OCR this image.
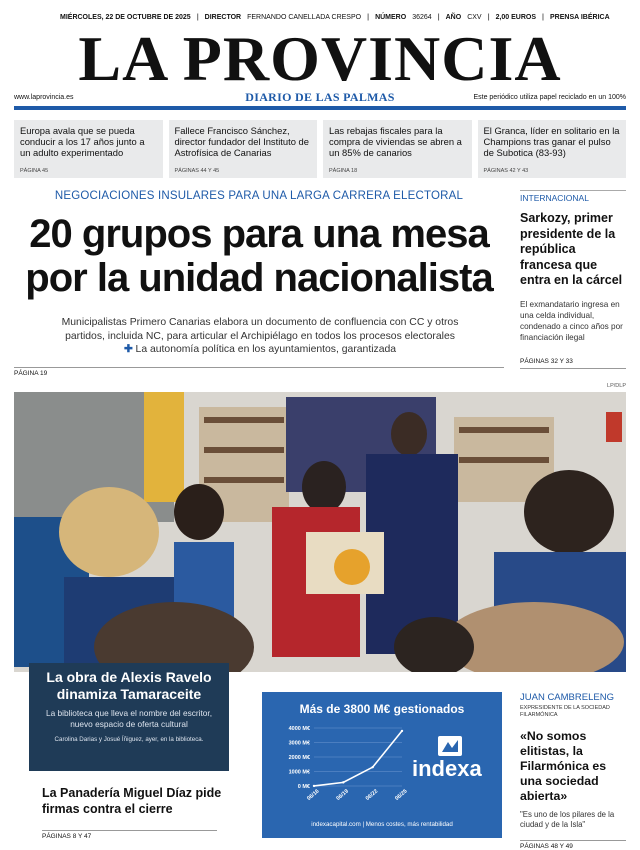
MIÉRCOLES, 22 DE OCTUBRE DE 2025 | DIRECTOR FERNANDO CANELLADA CRESPO | NÚMERO 36264 | AÑO CXV | 2,00 EUROS | PRENSA IBÉRICA
LA PROVINCIA
www.laprovincia.es	DIARIO DE LAS PALMAS	Este periódico utiliza papel reciclado en un 100%
Europa avala que se pueda conducir a los 17 años junto a un adulto experimentado
PÁGINA 45
Fallece Francisco Sánchez, director fundador del Instituto de Astrofísica de Canarias
PÁGINAS 44 Y 45
Las rebajas fiscales para la compra de viviendas se abren a un 85% de canarios
PÁGINA 18
El Granca, líder en solitario en la Champions tras ganar el pulso de Subotica (83-93)
PÁGINAS 42 Y 43
NEGOCIACIONES INSULARES PARA UNA LARGA CARRERA ELECTORAL
20 grupos para una mesa por la unidad nacionalista
Municipalistas Primero Canarias elabora un documento de confluencia con CC y otros partidos, incluida NC, para articular el Archipiélago en todos los procesos electorales ✚ La autonomía política en los ayuntamientos, garantizada
PÁGINA 19
INTERNACIONAL
Sarkozy, primer presidente de la república francesa que entra en la cárcel
El exmandatario ingresa en una celda individual, condenado a cinco años por financiación ilegal
PÁGINAS 32 Y 33
LP/DLP
La obra de Alexis Ravelo dinamiza Tamaraceite
La biblioteca que lleva el nombre del escritor, nuevo espacio de oferta cultural
Carolina Darias y Josué Íñiguez, ayer, en la biblioteca.
La Panadería Miguel Díaz pide firmas contra el cierre
PÁGINAS 8 Y 47
Más de 3800 M€ gestionados
0 M€
1000 M€
2000 M€
3000 M€
4000 M€
06/16	06/19	06/22	06/25
indexa
indexacapital.com | Menos costes, más rentabilidad
JUAN CAMBRELENG
EXPRESIDENTE DE LA SOCIEDAD FILARMÓNICA
«No somos elitistas, la Filarmónica es una sociedad abierta»
"Es uno de los pilares de la ciudad y de la Isla"
PÁGINAS 48 Y 49
